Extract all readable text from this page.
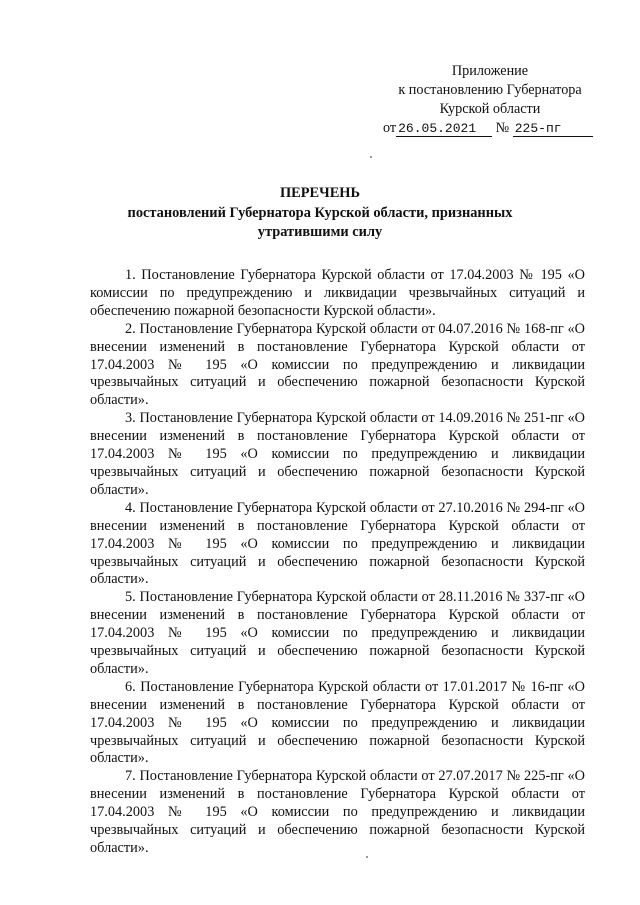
Приложение
к постановлению Губернатора
Курской области
от 26.05.2021 № 225-пг
ПЕРЕЧЕНЬ
постановлений Губернатора Курской области, признанных
утратившими силу

1. Постановление Губернатора Курской области от 17.04.2003 № 195 «О комиссии по предупреждению и ликвидации чрезвычайных ситуаций и обеспечению пожарной безопасности Курской области».

2. Постановление Губернатора Курской области от 04.07.2016 № 168-пг «О внесении изменений в постановление Губернатора Курской области от 17.04.2003 № 195 «О комиссии по предупреждению и ликвидации чрезвычайных ситуаций и обеспечению пожарной безопасности Курской области».

3. Постановление Губернатора Курской области от 14.09.2016 № 251-пг «О внесении изменений в постановление Губернатора Курской области от 17.04.2003 № 195 «О комиссии по предупреждению и ликвидации чрезвычайных ситуаций и обеспечению пожарной безопасности Курской области».

4. Постановление Губернатора Курской области от 27.10.2016 № 294-пг «О внесении изменений в постановление Губернатора Курской области от 17.04.2003 № 195 «О комиссии по предупреждению и ликвидации чрезвычайных ситуаций и обеспечению пожарной безопасности Курской области».

5. Постановление Губернатора Курской области от 28.11.2016 № 337-пг «О внесении изменений в постановление Губернатора Курской области от 17.04.2003 № 195 «О комиссии по предупреждению и ликвидации чрезвычайных ситуаций и обеспечению пожарной безопасности Курской области».

6. Постановление Губернатора Курской области от 17.01.2017 № 16-пг «О внесении изменений в постановление Губернатора Курской области от 17.04.2003 № 195 «О комиссии по предупреждению и ликвидации чрезвычайных ситуаций и обеспечению пожарной безопасности Курской области».

7. Постановление Губернатора Курской области от 27.07.2017 № 225-пг «О внесении изменений в постановление Губернатора Курской области от 17.04.2003 № 195 «О комиссии по предупреждению и ликвидации чрезвычайных ситуаций и обеспечению пожарной безопасности Курской области».
